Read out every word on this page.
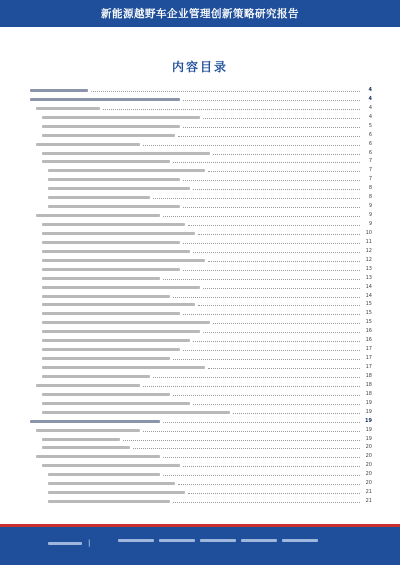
新能源越野车企业管理创新策略研究报告
内容目录
4
4
4
4
5
6
6
6
7
7
7
8
8
9
9
9
10
11
12
12
13
13
14
14
15
15
15
16
16
17
17
17
18
18
18
19
19
19
19
19
20
20
20
20
20
21
21
|
